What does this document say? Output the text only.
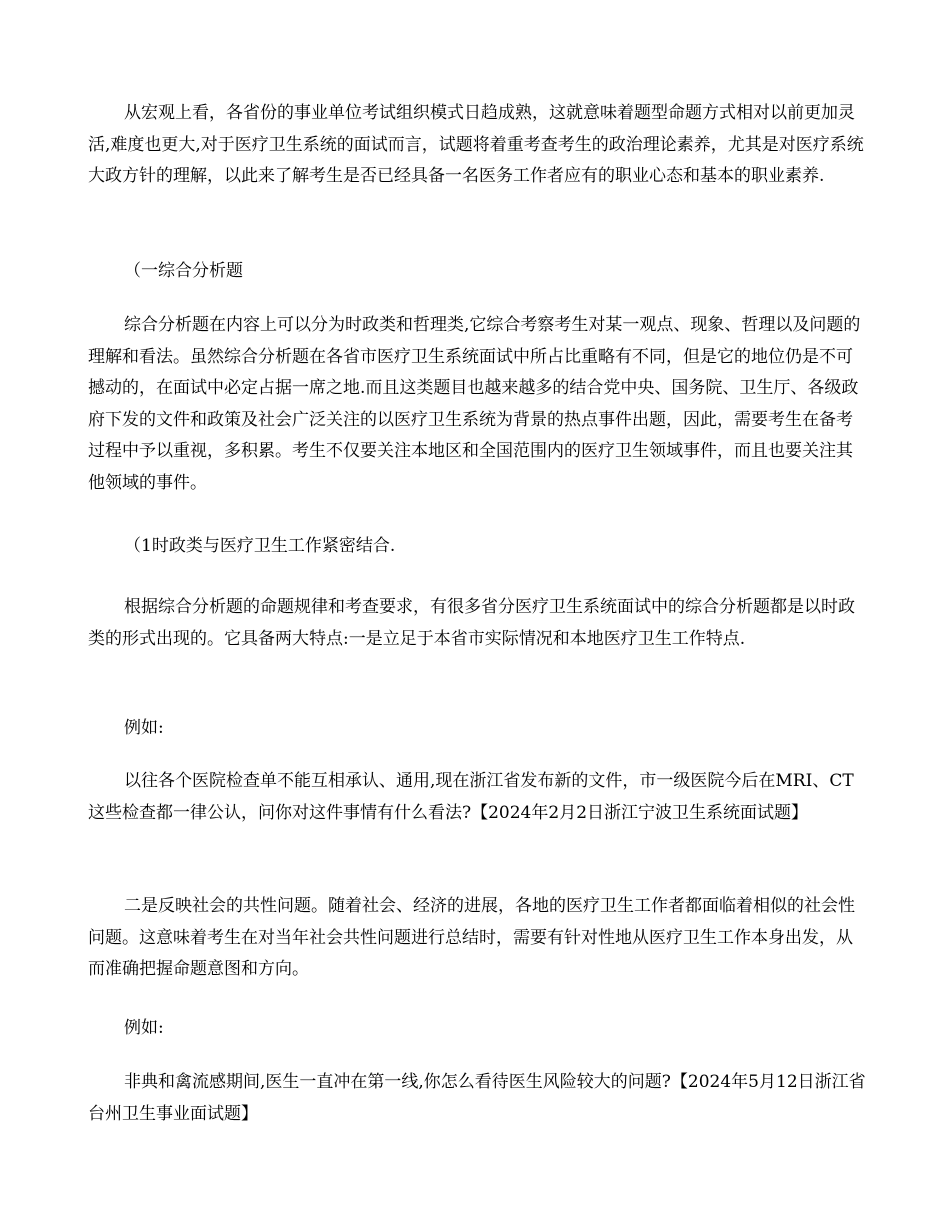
从宏观上看，各省份的事业单位考试组织模式日趋成熟，这就意味着题型命题方式相对以前更加灵活,难度也更大,对于医疗卫生系统的面试而言，试题将着重考查考生的政治理论素养，尤其是对医疗系统大政方针的理解，以此来了解考生是否已经具备一名医务工作者应有的职业心态和基本的职业素养.

（一综合分析题

综合分析题在内容上可以分为时政类和哲理类,它综合考察考生对某一观点、现象、哲理以及问题的理解和看法。虽然综合分析题在各省市医疗卫生系统面试中所占比重略有不同，但是它的地位仍是不可撼动的，在面试中必定占据一席之地.而且这类题目也越来越多的结合党中央、国务院、卫生厅、各级政府下发的文件和政策及社会广泛关注的以医疗卫生系统为背景的热点事件出题，因此，需要考生在备考过程中予以重视，多积累。考生不仅要关注本地区和全国范围内的医疗卫生领域事件，而且也要关注其他领域的事件。

（1时政类与医疗卫生工作紧密结合.

根据综合分析题的命题规律和考查要求，有很多省分医疗卫生系统面试中的综合分析题都是以时政类的形式出现的。它具备两大特点:一是立足于本省市实际情况和本地医疗卫生工作特点.

例如:

以往各个医院检查单不能互相承认、通用,现在浙江省发布新的文件，市一级医院今后在MRI、CT这些检查都一律公认，问你对这件事情有什么看法?【2024年2月2日浙江宁波卫生系统面试题】

二是反映社会的共性问题。随着社会、经济的进展，各地的医疗卫生工作者都面临着相似的社会性问题。这意味着考生在对当年社会共性问题进行总结时，需要有针对性地从医疗卫生工作本身出发，从而准确把握命题意图和方向。

例如:

非典和禽流感期间,医生一直冲在第一线,你怎么看待医生风险较大的问题?【2024年5月12日浙江省台州卫生事业面试题】
